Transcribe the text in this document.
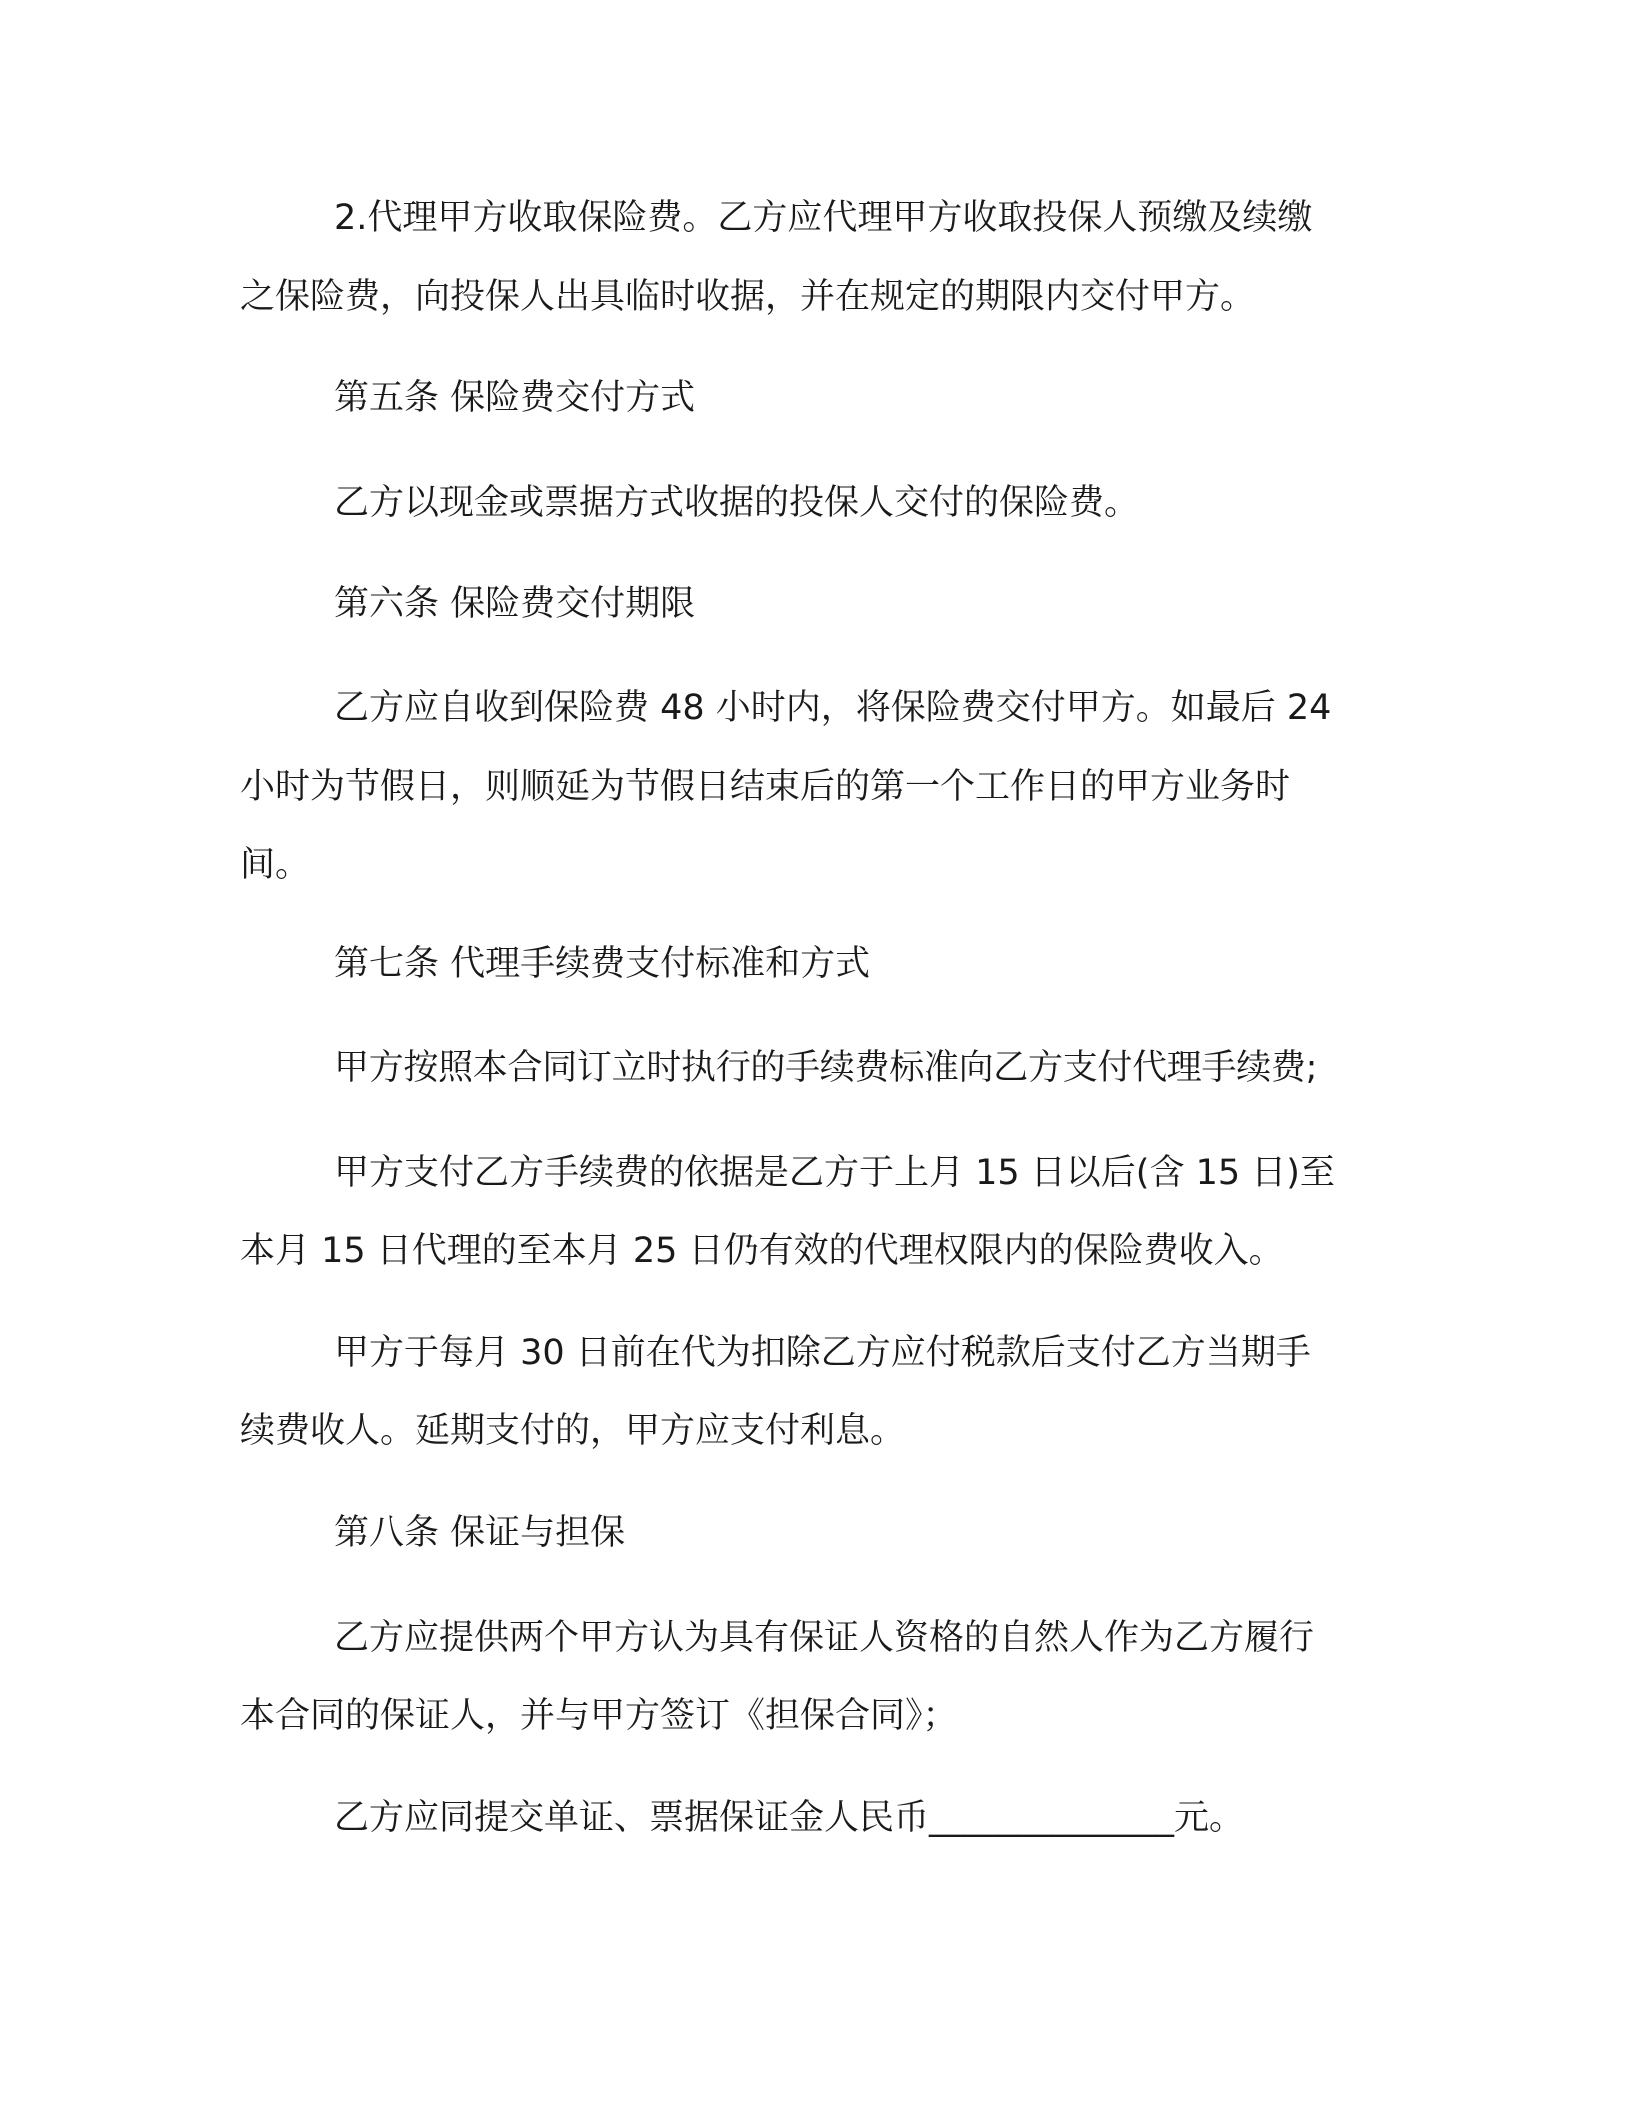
2.代理甲方收取保险费。乙方应代理甲方收取投保人预缴及续缴
之保险费，向投保人出具临时收据，并在规定的期限内交付甲方。
第五条 保险费交付方式
乙方以现金或票据方式收据的投保人交付的保险费。
第六条 保险费交付期限
乙方应自收到保险费 48 小时内，将保险费交付甲方。如最后 24
小时为节假日，则顺延为节假日结束后的第一个工作日的甲方业务时
间。
第七条 代理手续费支付标准和方式
甲方按照本合同订立时执行的手续费标准向乙方支付代理手续费;
甲方支付乙方手续费的依据是乙方于上月 15 日以后(含 15 日)至
本月 15 日代理的至本月 25 日仍有效的代理权限内的保险费收入。
甲方于每月 30 日前在代为扣除乙方应付税款后支付乙方当期手
续费收人。延期支付的，甲方应支付利息。
第八条 保证与担保
乙方应提供两个甲方认为具有保证人资格的自然人作为乙方履行
本合同的保证人，并与甲方签订《担保合同》；
乙方应同提交单证、票据保证金人民币______________元。
